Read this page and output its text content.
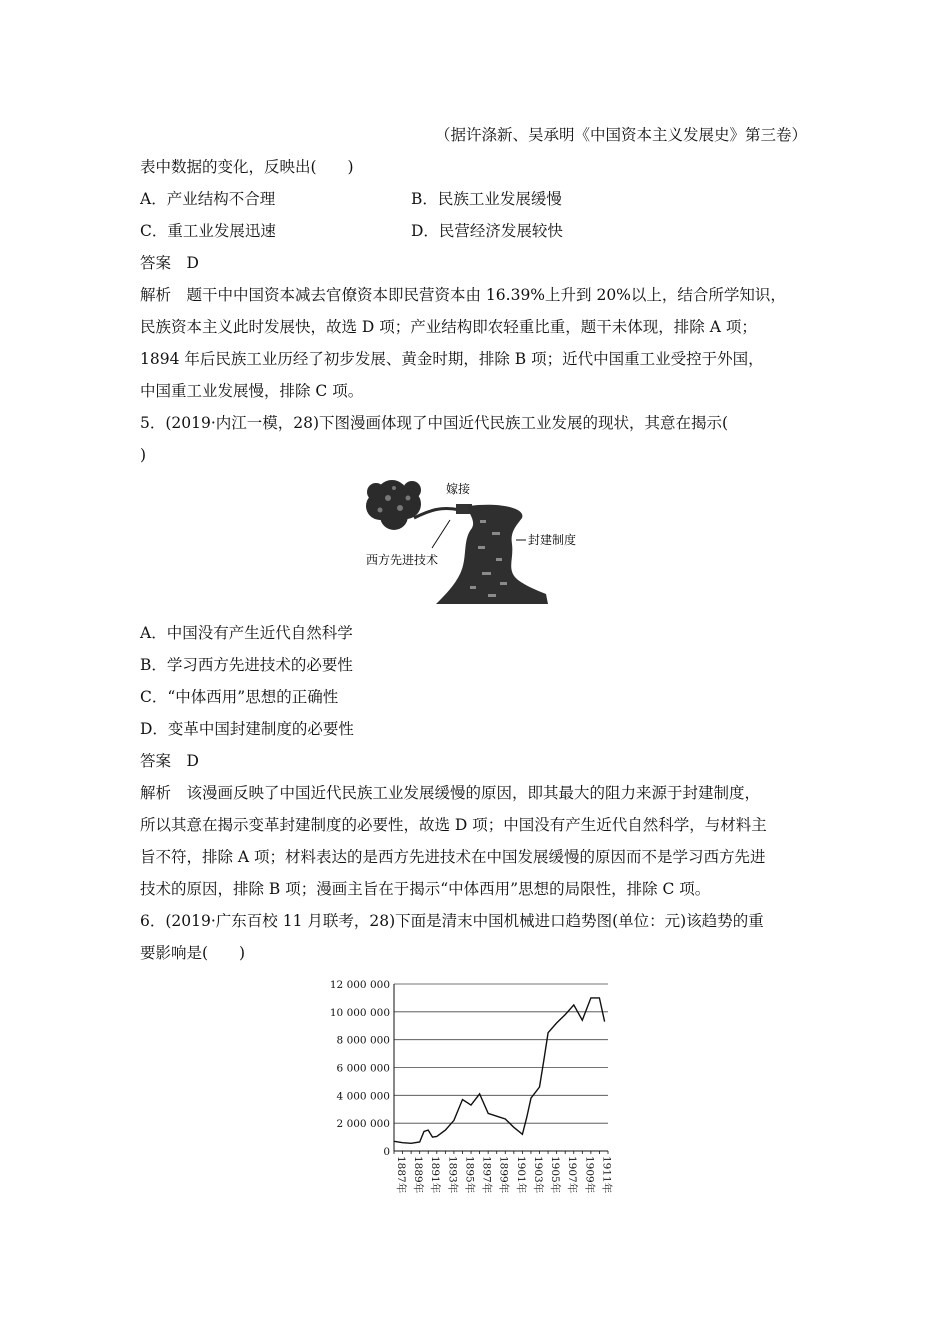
（据许涤新、吴承明《中国资本主义发展史》第三卷）
表中数据的变化，反映出(　　)
A．产业结构不合理	B．民族工业发展缓慢
C．重工业发展迅速	D．民营经济发展较快
答案　D
解析　题干中中国资本减去官僚资本即民营资本由 16.39%上升到 20%以上，结合所学知识，
民族资本主义此时发展快，故选 D 项；产业结构即农轻重比重，题干未体现，排除 A 项；
1894 年后民族工业历经了初步发展、黄金时期，排除 B 项；近代中国重工业受控于外国，
中国重工业发展慢，排除 C 项。
5．(2019·内江一模，28)下图漫画体现了中国近代民族工业发展的现状，其意在揭示(
)
嫁接
封建制度
西方先进技术
A．中国没有产生近代自然科学
B．学习西方先进技术的必要性
C．“中体西用”思想的正确性
D．变革中国封建制度的必要性
答案　D
解析　该漫画反映了中国近代民族工业发展缓慢的原因，即其最大的阻力来源于封建制度，
所以其意在揭示变革封建制度的必要性，故选 D 项；中国没有产生近代自然科学，与材料主
旨不符，排除 A 项；材料表达的是西方先进技术在中国发展缓慢的原因而不是学习西方先进
技术的原因，排除 B 项；漫画主旨在于揭示“中体西用”思想的局限性，排除 C 项。
6．(2019·广东百校 11 月联考，28)下面是清末中国机械进口趋势图(单位：元)该趋势的重
要影响是(　　)
0
2 000 000
4 000 000
6 000 000
8 000 000
10 000 000
12 000 000
1887年 1889年 1891年 1893年 1895年 1897年 1899年 1901年 1903年 1905年 1907年 1909年 1911年
